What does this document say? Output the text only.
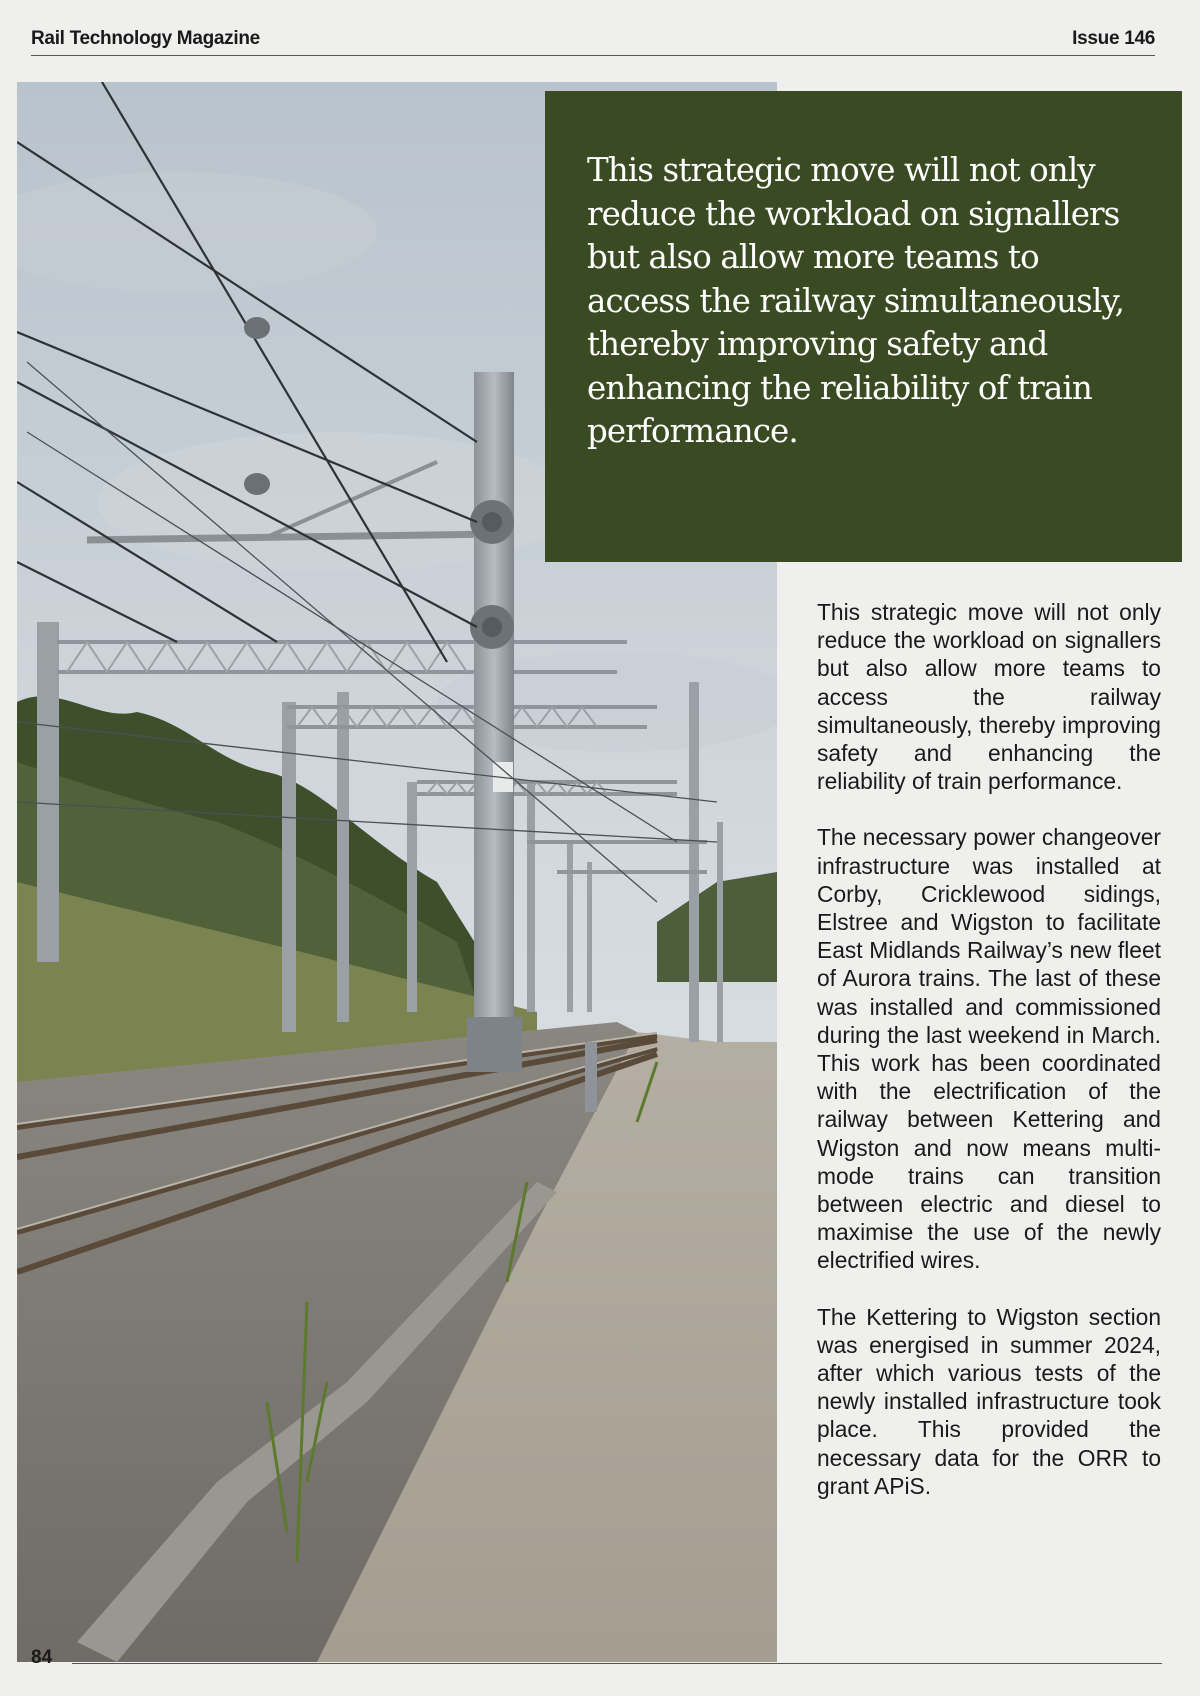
Rail Technology Magazine	Issue 146

This strategic move will not only reduce the workload on signallers but also allow more teams to access the railway simultaneously, thereby improving safety and enhancing the reliability of train performance.

This strategic move will not only reduce the workload on signallers but also allow more teams to access the railway simultaneously, thereby improving safety and enhancing the reliability of train performance.

The necessary power changeover infrastructure was installed at Corby, Cricklewood sidings, Elstree and Wigston to facilitate East Midlands Railway’s new fleet of Aurora trains. The last of these was installed and commissioned during the last weekend in March. This work has been coordinated with the electrification of the railway between Kettering and Wigston and now means multi-mode trains can transition between electric and diesel to maximise the use of the newly electrified wires.

The Kettering to Wigston section was energised in summer 2024, after which various tests of the newly installed infrastructure took place. This provided the necessary data for the ORR to grant APiS.

84
